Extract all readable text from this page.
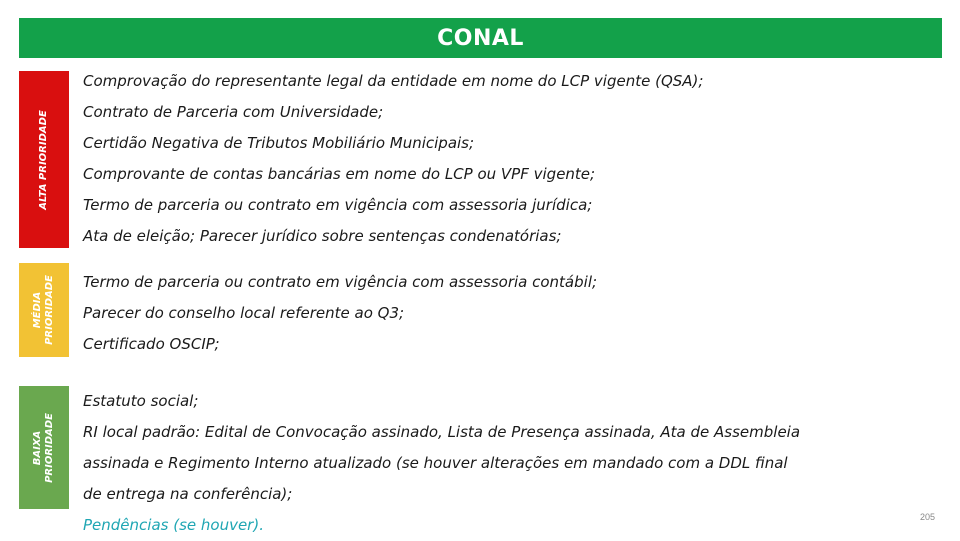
CONAL
ALTA PRIORIDADE
Comprovação do representante legal da entidade em nome do LCP vigente (QSA);
Contrato de Parceria com Universidade;
Certidão Negativa de Tributos Mobiliário Municipais;
Comprovante de contas bancárias em nome do LCP ou VPF vigente;
Termo de parceria ou contrato em vigência com assessoria jurídica;
Ata de eleição; Parecer jurídico sobre sentenças condenatórias;
MÉDIA PRIORIDADE Termo de parceria ou contrato em vigência com assessoria contábil;
Parecer do conselho local referente ao Q3;
Certificado OSCIP;
BAIXA PRIORIDADE
Estatuto social;
RI local padrão: Edital de Convocação assinado, Lista de Presença assinada, Ata de Assembleia
assinada e Regimento Interno atualizado (se houver alterações em mandado com a DDL final
de entrega na conferência);
Pendências (se houver).	205
